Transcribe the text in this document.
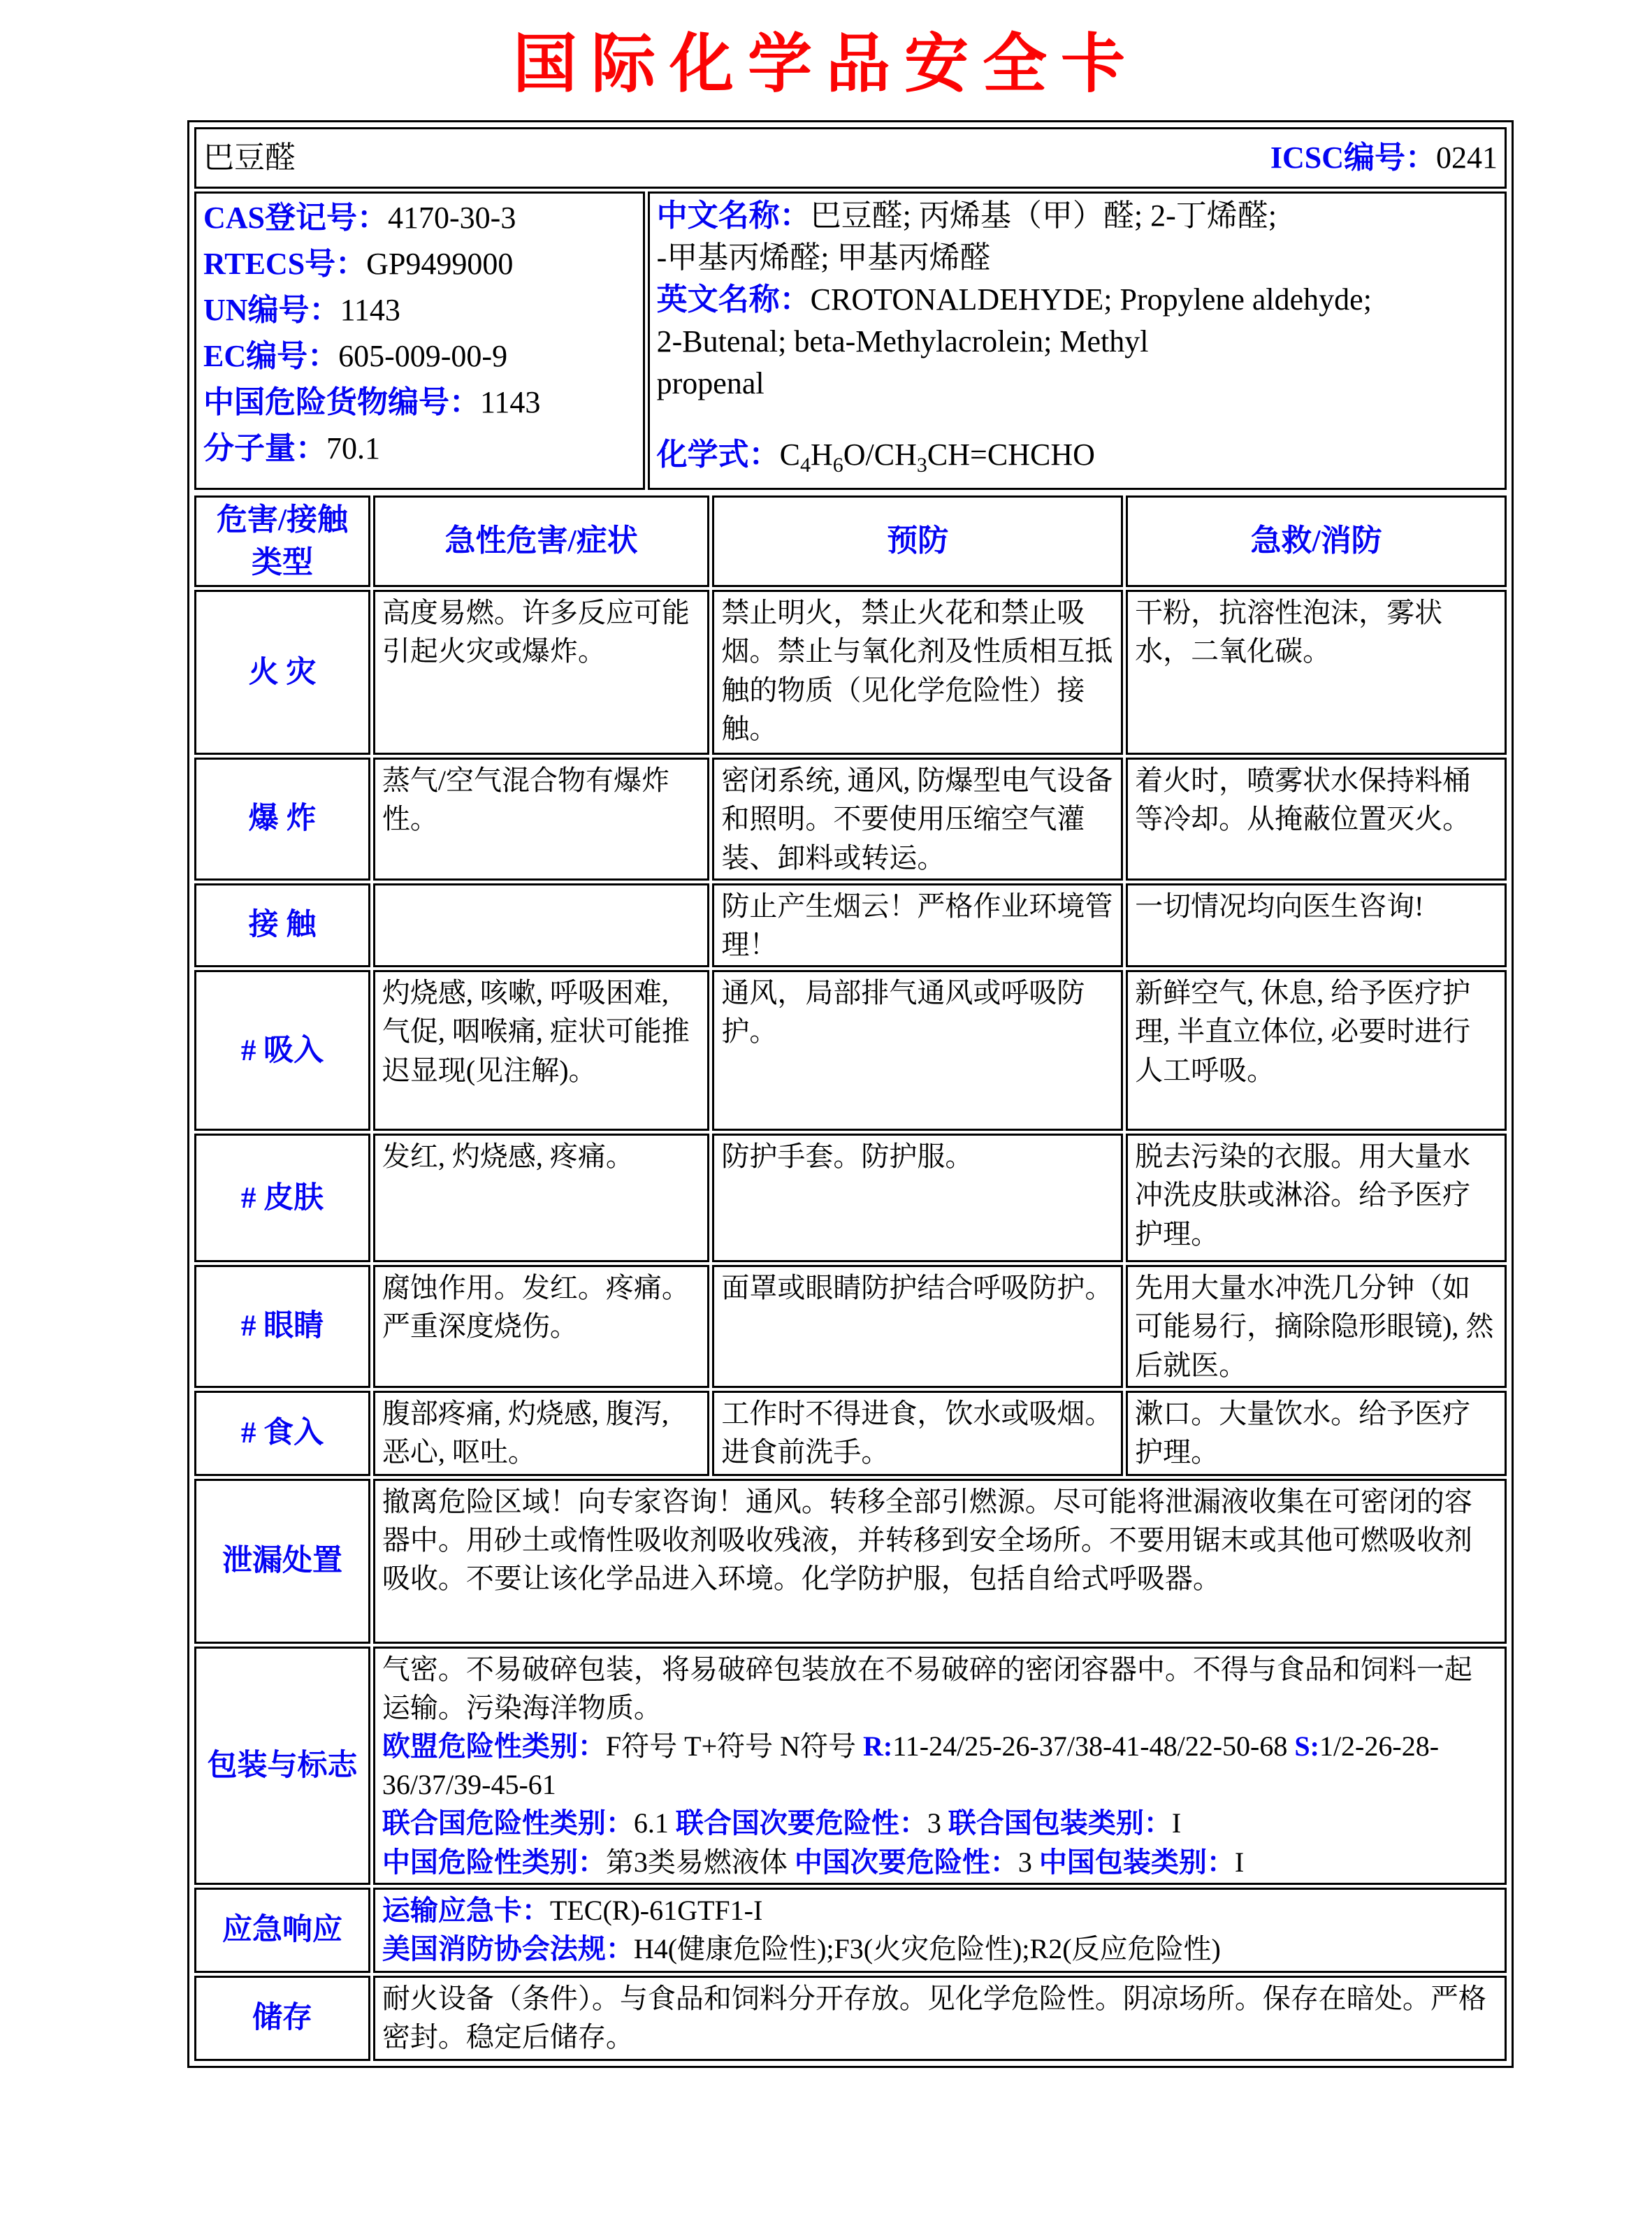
国际化学品安全卡
巴豆醛	ICSC编号：0241

CAS登记号：4170-30-3
RTECS号：GP9499000
UN编号：1143
EC编号：605-009-00-9
中国危险货物编号：1143
分子量：70.1

中文名称：巴豆醛; 丙烯基（甲）醛; 2-丁烯醛;
-甲基丙烯醛; 甲基丙烯醛
英文名称：CROTONALDEHYDE; Propylene aldehyde;
2-Butenal; beta-Methylacrolein; Methyl
propenal
化学式：$C_4H_6O/CH_3CH=CHCHO$
危害/接触类型	急性危害/症状	预防	急救/消防
火 灾	高度易燃。许多反应可能引起火灾或爆炸。	禁止明火，禁止火花和禁止吸烟。禁止与氧化剂及性质相互抵触的物质（见化学危险性）接触。	干粉，抗溶性泡沫，雾状水，二氧化碳。
爆 炸	蒸气/空气混合物有爆炸性。	密闭系统, 通风, 防爆型电气设备和照明。不要使用压缩空气灌装、卸料或转运。	着火时，喷雾状水保持料桶等冷却。从掩蔽位置灭火。
接 触		防止产生烟云！严格作业环境管理！	一切情况均向医生咨询!
# 吸入	灼烧感, 咳嗽, 呼吸困难, 气促, 咽喉痛, 症状可能推迟显现(见注解)。	通风，局部排气通风或呼吸防护。	新鲜空气, 休息, 给予医疗护理, 半直立体位, 必要时进行人工呼吸。
# 皮肤	发红, 灼烧感, 疼痛。	防护手套。防护服。	脱去污染的衣服。用大量水冲洗皮肤或淋浴。给予医疗护理。
# 眼睛	腐蚀作用。发红。疼痛。严重深度烧伤。	面罩或眼睛防护结合呼吸防护。	先用大量水冲洗几分钟（如可能易行，摘除隐形眼镜), 然后就医。
# 食入	腹部疼痛, 灼烧感, 腹泻, 恶心, 呕吐。	工作时不得进食，饮水或吸烟。进食前洗手。	漱口。大量饮水。给予医疗护理。
泄漏处置	撤离危险区域！向专家咨询！通风。转移全部引燃源。尽可能将泄漏液收集在可密闭的容器中。用砂土或惰性吸收剂吸收残液，并转移到安全场所。不要用锯末或其他可燃吸收剂吸收。不要让该化学品进入环境。化学防护服，包括自给式呼吸器。		

包装与标志	气密。不易破碎包装，将易破碎包装放在不易破碎的密闭容器中。不得与食品和饲料一起运输。污染海洋物质。
欧盟危险性类别：F符号 T+符号 N符号 R:11-24/25-26-37/38-41-48/22-50-68 S:1/2-26-28-36/37/39-45-61
联合国危险性类别：6.1 联合国次要危险性：3 联合国包装类别：I
中国危险性类别：第3类易燃液体 中国次要危险性：3 中国包装类别：I		

应急响应	运输应急卡：TEC(R)-61GTF1-I
美国消防协会法规：H4(健康危险性);F3(火灾危险性);R2(反应危险性)		

储存	耐火设备（条件）。与食品和饲料分开存放。见化学危险性。阴凉场所。保存在暗处。严格密封。稳定后储存。		
